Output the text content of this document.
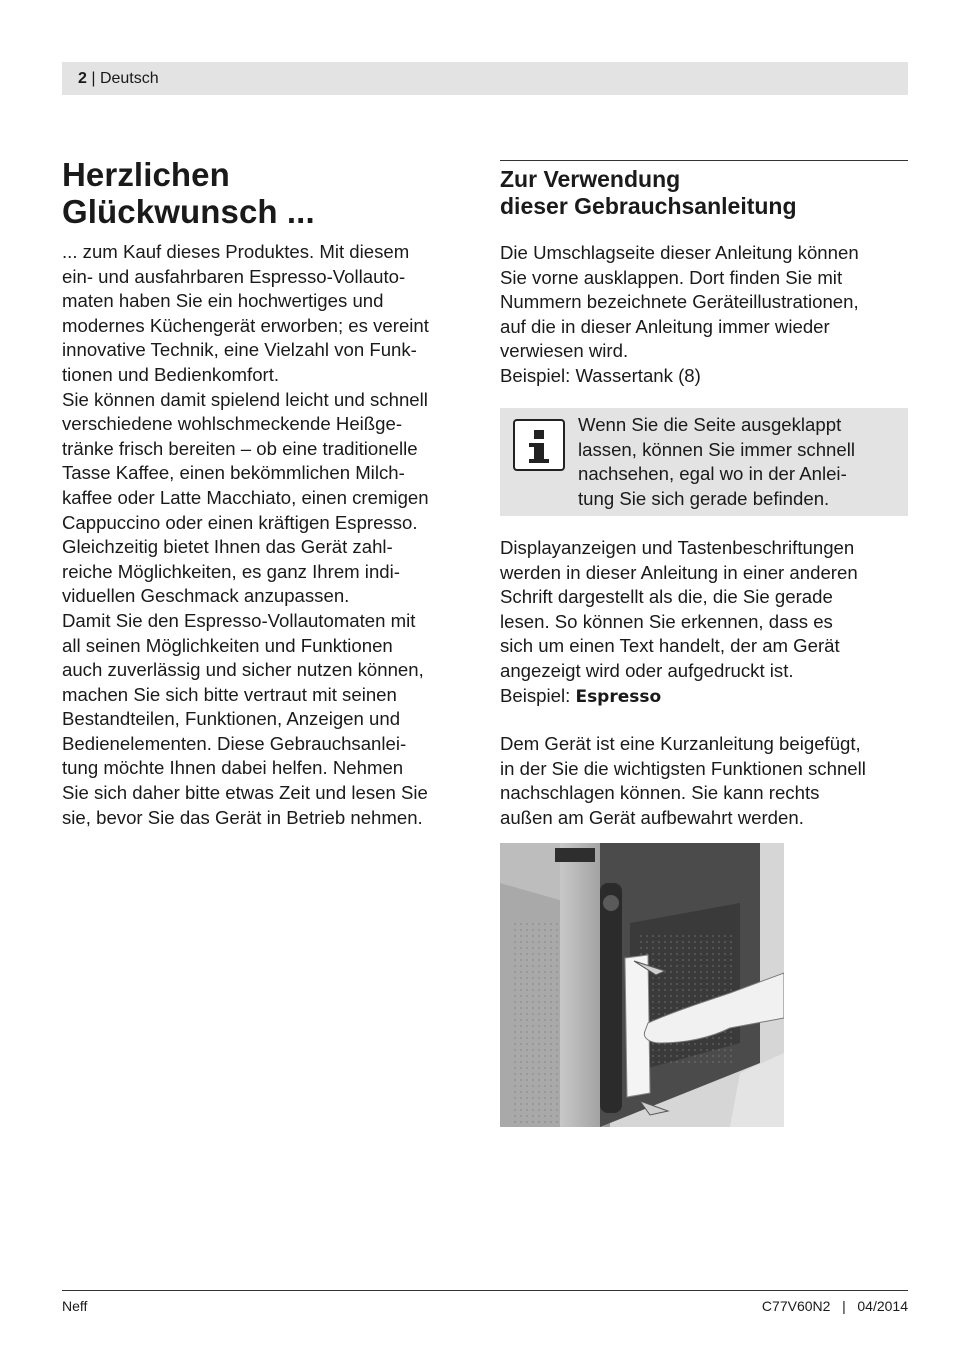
2 | Deutsch
Herzlichen
Glückwunsch ...
... zum Kauf dieses Produktes. Mit diesem
ein- und ausfahrbaren Espresso-Vollauto-
maten haben Sie ein hochwertiges und
modernes Küchengerät erworben; es vereint
innovative Technik, eine Vielzahl von Funk-
tionen und Bedienkomfort.
Sie können damit spielend leicht und schnell
verschiedene wohlschmeckende Heißge-
tränke frisch bereiten – ob eine traditionelle
Tasse Kaffee, einen bekömmlichen Milch-
kaffee oder Latte Macchiato, einen cremigen
Cappuccino oder einen kräftigen Espresso.
Gleichzeitig bietet Ihnen das Gerät zahl-
reiche Möglichkeiten, es ganz Ihrem indi-
viduellen Geschmack anzupassen.
Damit Sie den Espresso-Vollautomaten mit
all seinen Möglichkeiten und Funktionen
auch zuverlässig und sicher nutzen können,
machen Sie sich bitte vertraut mit seinen
Bestandteilen, Funktionen, Anzeigen und
Bedienelementen. Diese Gebrauchsanlei-
tung möchte Ihnen dabei helfen. Nehmen
Sie sich daher bitte etwas Zeit und lesen Sie
sie, bevor Sie das Gerät in Betrieb nehmen.
Zur Verwendung
dieser Gebrauchsanleitung
Die Umschlagseite dieser Anleitung können
Sie vorne ausklappen. Dort finden Sie mit
Nummern bezeichnete Geräteillustrationen,
auf die in dieser Anleitung immer wieder
verwiesen wird.
Beispiel: Wassertank (8)
Wenn Sie die Seite ausgeklappt
lassen, können Sie immer schnell
nachsehen, egal wo in der Anlei-
tung Sie sich gerade befinden.
Displayanzeigen und Tastenbeschriftungen
werden in dieser Anleitung in einer anderen
Schrift dargestellt als die, die Sie gerade
lesen. So können Sie erkennen, dass es
sich um einen Text handelt, der am Gerät
angezeigt wird oder aufgedruckt ist.
Beispiel: Espresso
Dem Gerät ist eine Kurzanleitung beigefügt,
in der Sie die wichtigsten Funktionen schnell
nachschlagen können. Sie kann rechts
außen am Gerät aufbewahrt werden.
Neff	C77V60N2   |   04/2014
